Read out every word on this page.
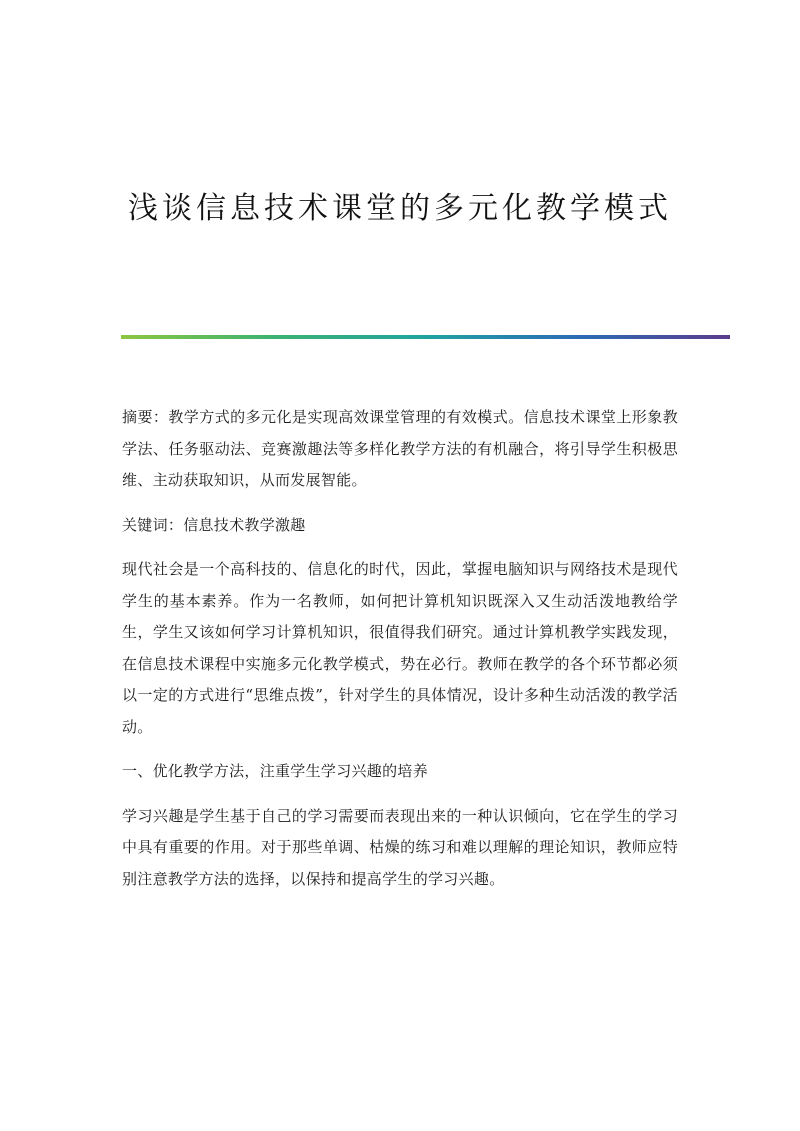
浅谈信息技术课堂的多元化教学模式

摘要：教学方式的多元化是实现高效课堂管理的有效模式。信息技术课堂上形象教学法、任务驱动法、竞赛激趣法等多样化教学方法的有机融合，将引导学生积极思维、主动获取知识，从而发展智能。

关键词：信息技术教学激趣

现代社会是一个高科技的、信息化的时代，因此，掌握电脑知识与网络技术是现代学生的基本素养。作为一名教师，如何把计算机知识既深入又生动活泼地教给学生，学生又该如何学习计算机知识，很值得我们研究。通过计算机教学实践发现，在信息技术课程中实施多元化教学模式，势在必行。教师在教学的各个环节都必须以一定的方式进行“思维点拨”，针对学生的具体情况，设计多种生动活泼的教学活动。

一、优化教学方法，注重学生学习兴趣的培养

学习兴趣是学生基于自己的学习需要而表现出来的一种认识倾向，它在学生的学习中具有重要的作用。对于那些单调、枯燥的练习和难以理解的理论知识，教师应特别注意教学方法的选择，以保持和提高学生的学习兴趣。
